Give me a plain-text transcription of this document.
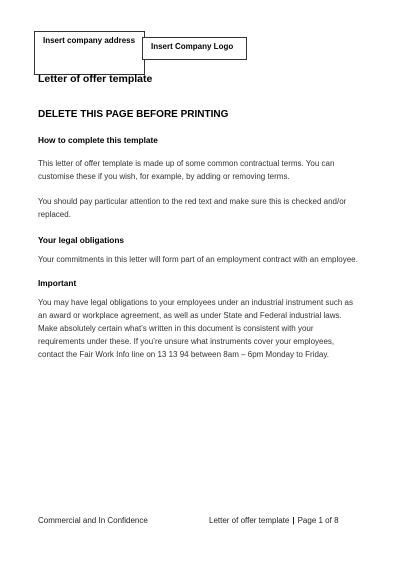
Insert company address
Insert Company Logo
Letter of offer template
DELETE THIS PAGE BEFORE PRINTING
How to complete this template
This letter of offer template is made up of some common contractual terms. You can
customise these if you wish, for example, by adding or removing terms.
You should pay particular attention to the red text and make sure this is checked and/or
replaced.
Your legal obligations
Your commitments in this letter will form part of an employment contract with an employee.
Important
You may have legal obligations to your employees under an industrial instrument such as
an award or workplace agreement, as well as under State and Federal industrial laws.
Make absolutely certain what’s written in this document is consistent with your
requirements under these. If you’re unsure what instruments cover your employees,
contact the Fair Work Info line on 13 13 94 between 8am – 6pm Monday to Friday.
Commercial and In Confidence	Letter of offer template | Page 1 of 8
